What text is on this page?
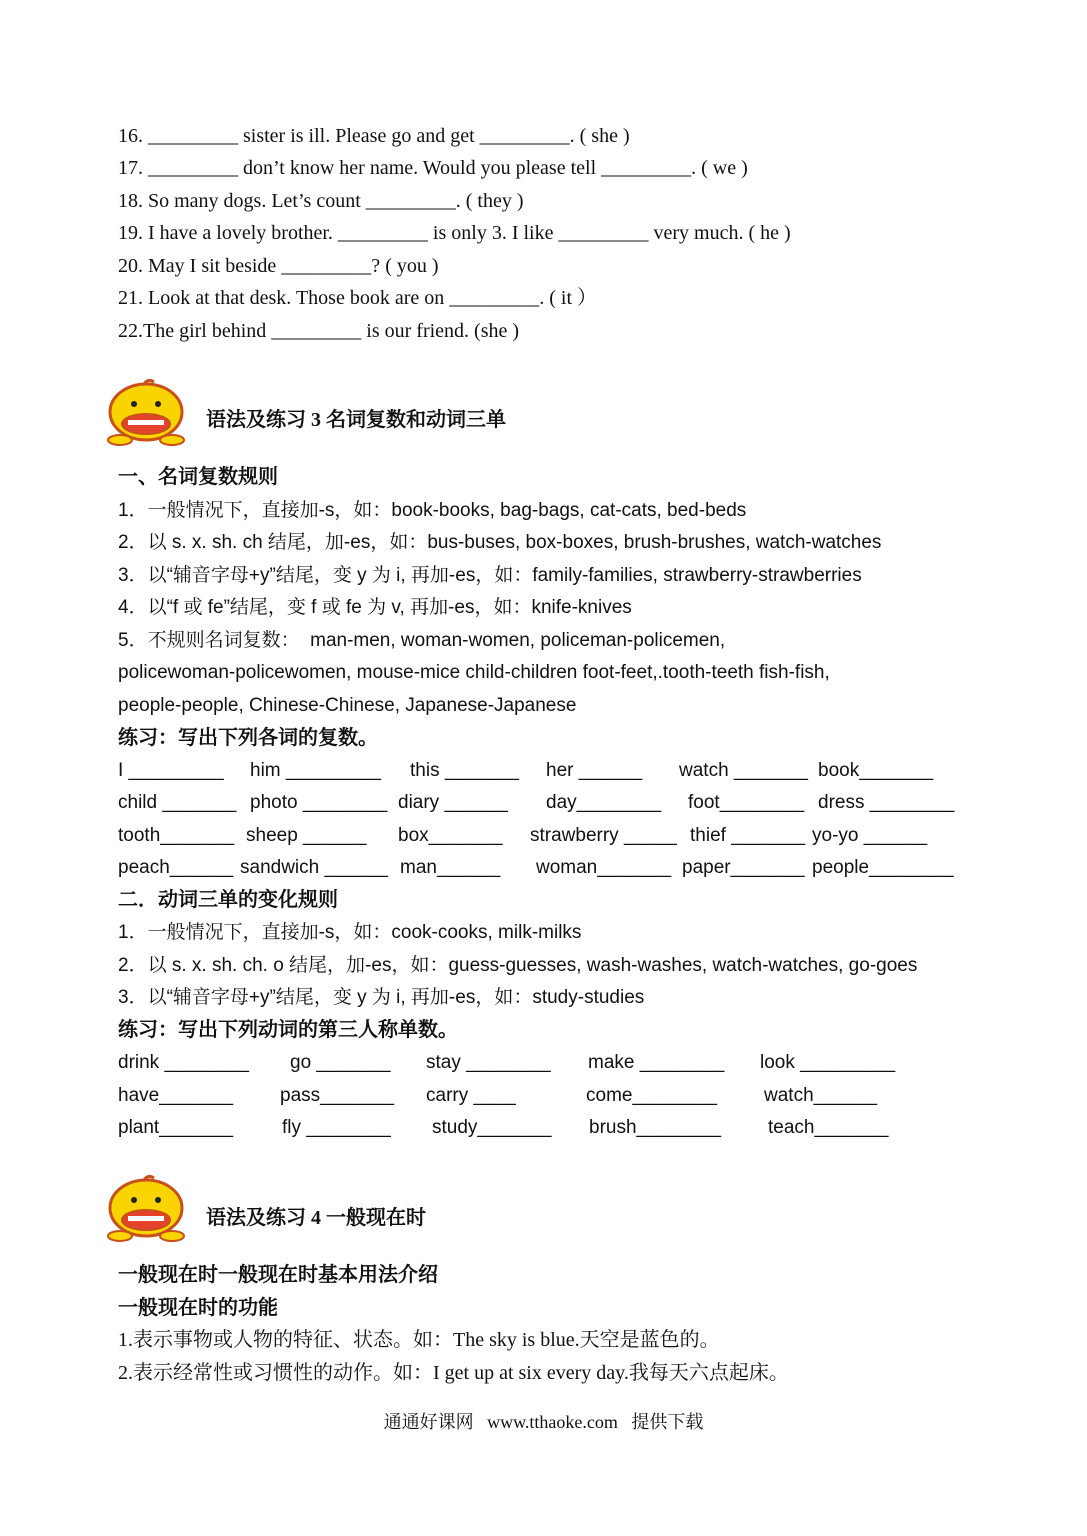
16. _________ sister is ill. Please go and get _________. ( she )
17. _________ don’t know her name. Would you please tell _________. ( we )
18. So many dogs. Let’s count _________. ( they )
19. I have a lovely brother. _________ is only 3. I like _________ very much. ( he )
20. May I sit beside _________? ( you )
21. Look at that desk. Those book are on _________. ( it ）
22.The girl behind _________ is our friend. (she )
语法及练习 3 名词复数和动词三单
一、名词复数规则
1．一般情况下，直接加-s，如：book-books, bag-bags, cat-cats, bed-beds
2．以 s. x. sh. ch 结尾，加-es，如：bus-buses, box-boxes, brush-brushes, watch-watches
3．以“辅音字母+y”结尾，变 y 为 i, 再加-es，如：family-families, strawberry-strawberries
4．以“f 或 fe”结尾，变 f 或 fe 为 v, 再加-es，如：knife-knives
5．不规则名词复数：  man-men, woman-women, policeman-policemen,
policewoman-policewomen, mouse-mice child-children foot-feet,.tooth-teeth fish-fish,
people-people, Chinese-Chinese, Japanese-Japanese
练习：写出下列各词的复数。

I _________

him _________

this _______

her ______

watch _______

book_______

child _______

photo ________

diary ______

day________

foot________

dress ________

tooth_______

sheep ______

box_______

strawberry _____

thief _______

yo-yo ______

peach______

sandwich ______

man______

woman_______

paper_______

people________

二．动词三单的变化规则
1．一般情况下，直接加-s，如：cook-cooks, milk-milks
2．以 s. x. sh. ch. o 结尾，加-es，如：guess-guesses, wash-washes, watch-watches, go-goes
3．以“辅音字母+y”结尾，变 y 为 i, 再加-es，如：study-studies
练习：写出下列动词的第三人称单数。

drink ________

go _______

stay ________

make ________

look _________

have_______

pass_______

carry ____

	come________

watch______

plant_______

	fly ________

study_______

brush________

teach_______

语法及练习 4 一般现在时
一般现在时一般现在时基本用法介绍
一般现在时的功能
1.表示事物或人物的特征、状态。如：The sky is blue.天空是蓝色的。
2.表示经常性或习惯性的动作。如：I get up at six every day.我每天六点起床。
通通好课网   www.tthaoke.com   提供下载
